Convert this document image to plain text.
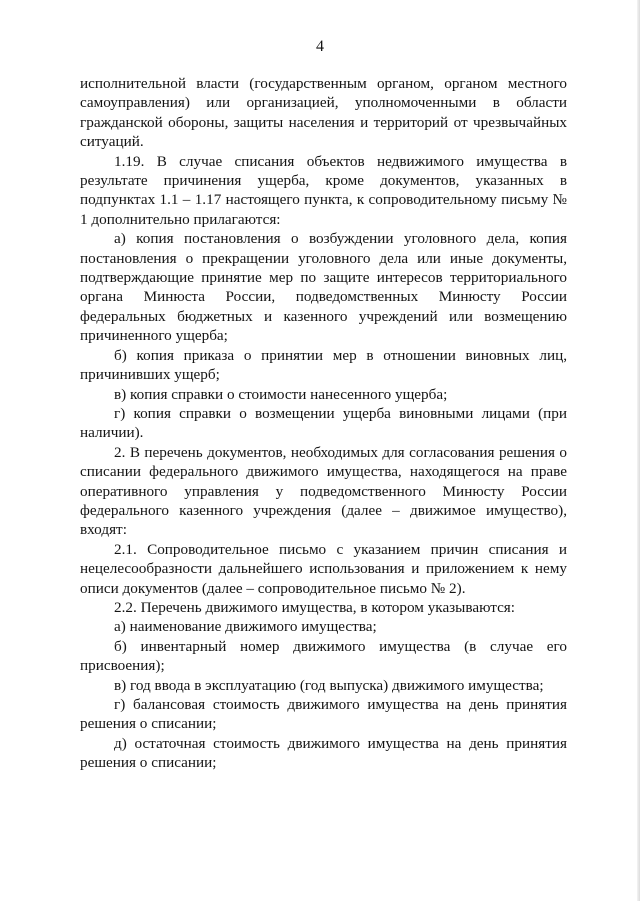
4

исполнительной власти (государственным органом, органом местного самоуправления) или организацией, уполномоченными в области гражданской обороны, защиты населения и территорий от чрезвычайных ситуаций.

1.19. В случае списания объектов недвижимого имущества в результате причинения ущерба, кроме документов, указанных в подпунктах 1.1 – 1.17 настоящего пункта, к сопроводительному письму № 1 дополнительно прилагаются:

а) копия постановления о возбуждении уголовного дела, копия постановления о прекращении уголовного дела или иные документы, подтверждающие принятие мер по защите интересов территориального органа Минюста России, подведомственных Минюсту России федеральных бюджетных и казенного учреждений или возмещению причиненного ущерба;

б) копия приказа о принятии мер в отношении виновных лиц, причинивших ущерб;

в) копия справки о стоимости нанесенного ущерба;

г) копия справки о возмещении ущерба виновными лицами (при наличии).

2. В перечень документов, необходимых для согласования решения о списании федерального движимого имущества, находящегося на праве оперативного управления у подведомственного Минюсту России федерального казенного учреждения (далее – движимое имущество), входят:

2.1. Сопроводительное письмо с указанием причин списания и нецелесообразности дальнейшего использования и приложением к нему описи документов (далее – сопроводительное письмо № 2).

2.2. Перечень движимого имущества, в котором указываются:

а) наименование движимого имущества;

б) инвентарный номер движимого имущества (в случае его присвоения);

в) год ввода в эксплуатацию (год выпуска) движимого имущества;

г) балансовая стоимость движимого имущества на день принятия решения о списании;

д) остаточная стоимость движимого имущества на день принятия решения о списании;
